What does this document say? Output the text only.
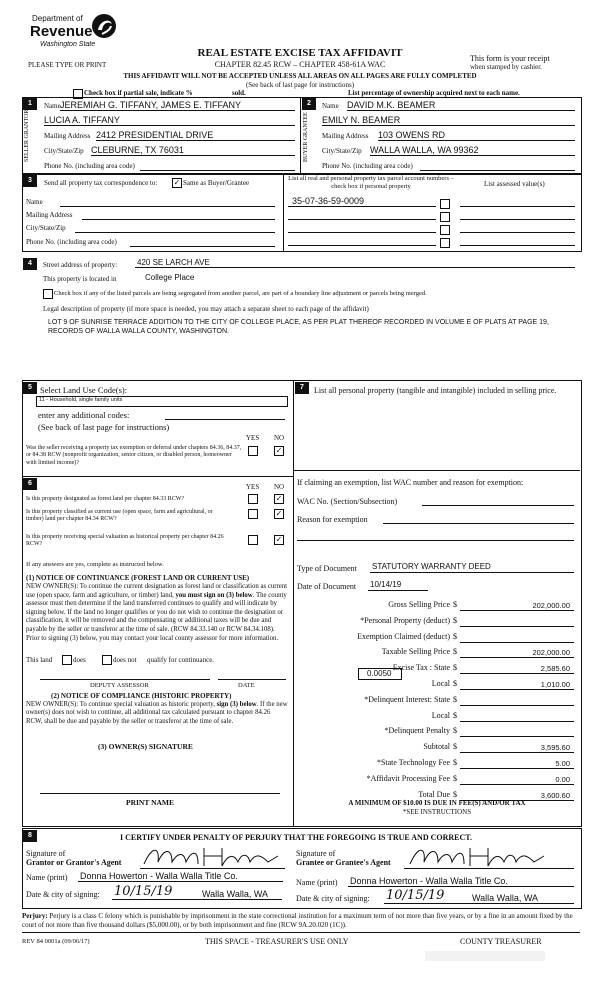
Department of
Revenue
Washington State
PLEASE TYPE OR PRINT
REAL ESTATE EXCISE TAX AFFIDAVIT
CHAPTER 82.45 RCW – CHAPTER 458-61A WAC
This form is your receipt
when stamped by cashier.
THIS AFFIDAVIT WILL NOT BE ACCEPTED UNLESS ALL AREAS ON ALL PAGES ARE FULLY COMPLETED
(See back of last page for instructions)
Check box if partial sale, indicate %	sold.	List percentage of ownership acquired next to each name.
1
SELLER GRANTOR
Name JEREMIAH G. TIFFANY, JAMES E. TIFFANY
LUCIA A. TIFFANY
Mailing Address 2412 PRESIDENTIAL DRIVE
City/State/Zip CLEBURNE, TX 76031
Phone No. (including area code)
2
BUYER GRANTEE
Name DAVID M.K. BEAMER
EMILY N. BEAMER
Mailing Address 103 OWENS RD
City/State/Zip WALLA WALLA, WA 99362
Phone No. (including area code)
3	Send all property tax correspondence to: ✓ Same as Buyer/Grantee
Name
Mailing Address
City/State/Zip
Phone No. (including area code)
List all real and personal property tax parcel account numbers – check box if personal property	List assessed value(s)
35-07-36-59-0009
4	Street address of property: 420 SE LARCH AVE
This property is located in	College Place
Check box if any of the listed parcels are being segregated from another parcel, are part of a boundary line adjustment or parcels being merged.
Legal description of property (if more space is needed, you may attach a separate sheet to each page of the affidavit)
LOT 9 OF SUNRISE TERRACE ADDITION TO THE CITY OF COLLEGE PLACE, AS PER PLAT THEREOF RECORDED IN VOLUME E OF PLATS AT PAGE 19, RECORDS OF WALLA WALLA COUNTY, WASHINGTON.
5 Select Land Use Code(s):
11 - Household, single family units
enter any additional codes:
(See back of last page for instructions)
YES NO
Was the seller receiving a property tax exemption or deferral under chapters 84.36, 84.37, or 84.38 RCW (nonprofit organization, senior citizen, or disabled person, homeowner with limited income)?
✓
6	YES NO
Is this property designated as forest land per chapter 84.33 RCW?	✓
Is this property classified as current use (open space, farm and agricultural, or timber) land per chapter 84.34 RCW?
✓
Is this property receiving special valuation as historical property per chapter 84.26 RCW?
✓
If any answers are yes, complete as instructed below.
(1) NOTICE OF CONTINUANCE (FOREST LAND OR CURRENT USE)
NEW OWNER(S): To continue the current designation as forest land or classification as current use (open space, farm and agriculture, or timber) land, you must sign on (3) below. The county assessor must then determine if the land transferred continues to qualify and will indicate by signing below. If the land no longer qualifies or you do not wish to continue the designation or classification, it will be removed and the compensating or additional taxes will be due and payable by the seller or transferor at the time of sale. (RCW 84.33.140 or RCW 84.34.108). Prior to signing (3) below, you may contact your local county assessor for more information.
This land	does	does not qualify for continuance.
DEPUTY ASSESSOR	DATE
(2) NOTICE OF COMPLIANCE (HISTORIC PROPERTY)
NEW OWNER(S): To continue special valuation as historic property, sign (3) below. If the new owner(s) does not wish to continue, all additional tax calculated pursuant to chapter 84.26 RCW, shall be due and payable by the seller or transferor at the time of sale.
(3) OWNER(S) SIGNATURE
PRINT NAME
7	List all personal property (tangible and intangible) included in selling price.
If claiming an exemption, list WAC number and reason for exemption:
WAC No. (Section/Subsection)
Reason for exemption
Type of Document STATUTORY WARRANTY DEED
Date of Document 10/14/19
Gross Selling Price $	202,000.00
*Personal Property (deduct) $
Exemption Claimed (deduct) $
Taxable Selling Price $	202,000.00
Excise Tax : State $	2,585.60
Local $	1,010.00
*Delinquent Interest: State $
Local $
*Delinquent Penalty $
Subtotal $	3,595.60
*State Technology Fee $	5.00
*Affidavit Processing Fee $	0.00
Total Due $	3,600.60
0.0050
A MINIMUM OF $10.00 IS DUE IN FEE(S) AND/OR TAX
*SEE INSTRUCTIONS
8	I CERTIFY UNDER PENALTY OF PERJURY THAT THE FOREGOING IS TRUE AND CORRECT.
Signature of
Grantor or Grantor's Agent
Name (print) Donna Howerton - Walla Walla Title Co.
Date & city of signing: 10/15/19	Walla Walla, WA
Signature of
Grantee or Grantee's Agent
Name (print) Donna Howerton - Walla Walla Title Co.
Date & city of signing: 10/15/19	Walla Walla, WA
Perjury: Perjury is a class C felony which is punishable by imprisonment in the state correctional institution for a maximum term of not more than five years, or by a fine in an amount fixed by the court of not more than five thousand dollars ($5,000.00), or by both imprisonment and fine (RCW 9A.20.020 (1C)).
REV 84 0001a (09/06/17)	THIS SPACE - TREASURER'S USE ONLY	COUNTY TREASURER
